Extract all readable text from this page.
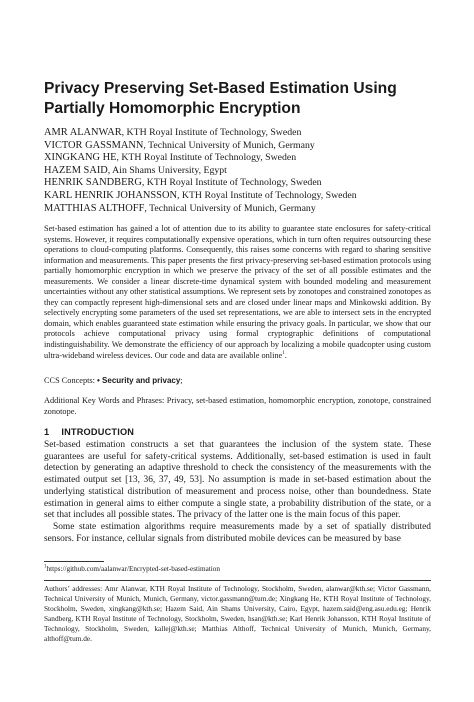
Privacy Preserving Set-Based Estimation Using Partially Homomorphic Encryption
AMR ALANWAR, KTH Royal Institute of Technology, Sweden
VICTOR GASSMANN, Technical University of Munich, Germany
XINGKANG HE, KTH Royal Institute of Technology, Sweden
HAZEM SAID, Ain Shams University, Egypt
HENRIK SANDBERG, KTH Royal Institute of Technology, Sweden
KARL HENRIK JOHANSSON, KTH Royal Institute of Technology, Sweden
MATTHIAS ALTHOFF, Technical University of Munich, Germany

Set-based estimation has gained a lot of attention due to its ability to guarantee state enclosures for safety-critical systems. However, it requires computationally expensive operations, which in turn often requires outsourcing these operations to cloud-computing platforms. Consequently, this raises some concerns with regard to sharing sensitive information and measurements. This paper presents the first privacy-preserving set-based estimation protocols using partially homomorphic encryption in which we preserve the privacy of the set of all possible estimates and the measurements. We consider a linear discrete-time dynamical system with bounded modeling and measurement uncertainties without any other statistical assumptions. We represent sets by zonotopes and constrained zonotopes as they can compactly represent high-dimensional sets and are closed under linear maps and Minkowski addition. By selectively encrypting some parameters of the used set representations, we are able to intersect sets in the encrypted domain, which enables guaranteed state estimation while ensuring the privacy goals. In particular, we show that our protocols achieve computational privacy using formal cryptographic definitions of computational indistinguishability. We demonstrate the efficiency of our approach by localizing a mobile quadcopter using custom ultra-wideband wireless devices. Our code and data are available online$^1$.

CCS Concepts: • Security and privacy;

Additional Key Words and Phrases: Privacy, set-based estimation, homomorphic encryption, zonotope, constrained zonotope.

1 INTRODUCTION

Set-based estimation constructs a set that guarantees the inclusion of the system state. These guarantees are useful for safety-critical systems. Additionally, set-based estimation is used in fault detection by generating an adaptive threshold to check the consistency of the measurements with the estimated output set [13, 36, 37, 49, 53]. No assumption is made in set-based estimation about the underlying statistical distribution of measurement and process noise, other than boundedness. State estimation in general aims to either compute a single state, a probability distribution of the state, or a set that includes all possible states. The privacy of the latter one is the main focus of this paper.

Some state estimation algorithms require measurements made by a set of spatially distributed sensors. For instance, cellular signals from distributed mobile devices can be measured by base

$^1$https://github.com/aalanwar/Encrypted-set-based-estimation

Authors’ addresses: Amr Alanwar, KTH Royal Institute of Technology, Stockholm, Sweden, alanwar@kth.se; Victor Gassmann, Technical University of Munich, Munich, Germany, victor.gassmann@tum.de; Xingkang He, KTH Royal Institute of Technology, Stockholm, Sweden, xingkang@kth.se; Hazem Said, Ain Shams University, Cairo, Egypt, hazem.said@eng.asu.edu.eg; Henrik Sandberg, KTH Royal Institute of Technology, Stockholm, Sweden, hsan@kth.se; Karl Henrik Johansson, KTH Royal Institute of Technology, Stockholm, Sweden, kallej@kth.se; Matthias Althoff, Technical University of Munich, Munich, Germany, althoff@tum.de.
